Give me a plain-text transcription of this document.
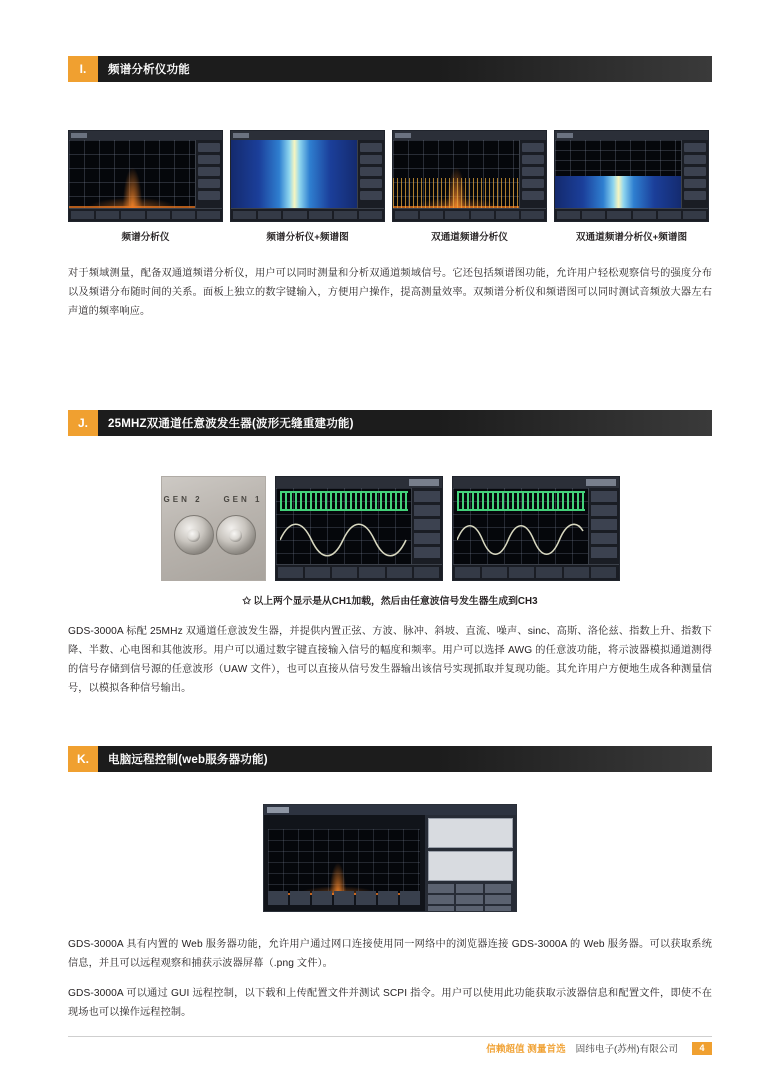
I.	频谱分析仪功能
频谱分析仪	频谱分析仪+频谱图	双通道频谱分析仪	双通道频谱分析仪+频谱图

对于频域测量，配备双通道频谱分析仪，用户可以同时测量和分析双通道频域信号。它还包括频谱图功能，允许用户轻松观察信号的强度分布以及频谱分布随时间的关系。面板上独立的数字键输入，方便用户操作，提高测量效率。双频谱分析仪和频谱图可以同时测试音频放大器左右声道的频率响应。

J.	25MHZ双通道任意波发生器(波形无缝重建功能)
GEN 2	GEN 1
✩ 以上两个显示是从CH1加载，然后由任意波信号发生器生成到CH3

GDS-3000A 标配 25MHz 双通道任意波发生器，并提供内置正弦、方波、脉冲、斜坡、直流、噪声、sinc、高斯、洛伦兹、指数上升、指数下降、半数、心电图和其他波形。用户可以通过数字键直接输入信号的幅度和频率。用户可以选择 AWG 的任意波功能，将示波器模拟通道测得的信号存储到信号源的任意波形（UAW 文件），也可以直接从信号发生器输出该信号实现抓取并复现功能。其允许用户方便地生成各种测量信号，以模拟各种信号输出。

K.	电脑远程控制(web服务器功能)

GDS-3000A 具有内置的 Web 服务器功能，允许用户通过网口连接使用同一网络中的浏览器连接 GDS-3000A 的 Web 服务器。可以获取系统信息，并且可以远程观察和捕获示波器屏幕（.png 文件）。

GDS-3000A 可以通过 GUI 远程控制，以下载和上传配置文件并测试 SCPI 指令。用户可以使用此功能获取示波器信息和配置文件，即使不在现场也可以操作远程控制。

信赖超值 测量首选 固纬电子(苏州)有限公司	4
